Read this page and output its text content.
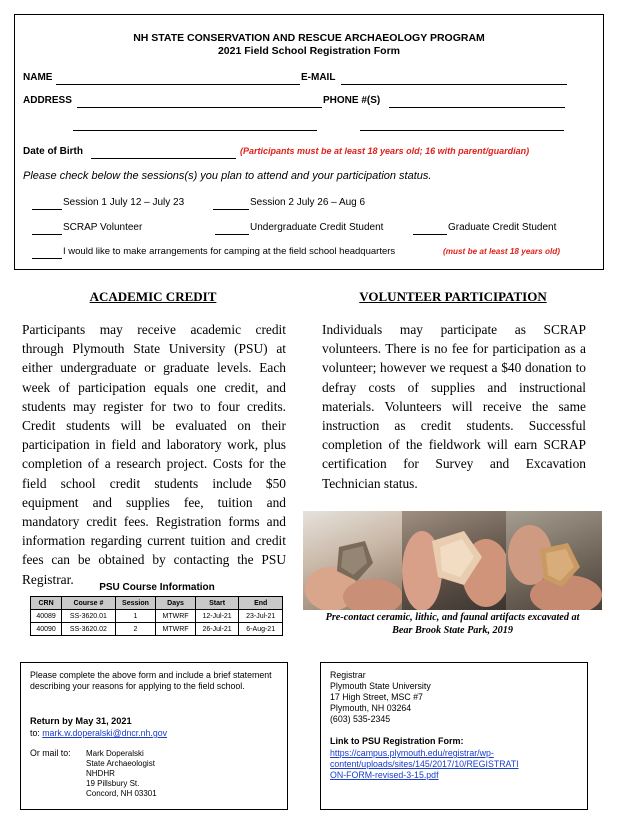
NH STATE CONSERVATION AND RESCUE ARCHAEOLOGY PROGRAM
2021 Field School Registration Form
NAME	E-MAIL
ADDRESS	PHONE #(S)
Date of Birth	(Participants must be at least 18 years old; 16 with parent/guardian)
Please check below the sessions(s) you plan to attend and your participation status.
Session 1 July 12 – July 23	Session 2 July 26 – Aug 6
SCRAP Volunteer	Undergraduate Credit Student	Graduate Credit Student
I would like to make arrangements for camping at the field school headquarters	(must be at least 18 years old)
ACADEMIC CREDIT
Participants may receive academic credit through Plymouth State University (PSU) at either undergraduate or graduate levels. Each week of participation equals one credit, and students may register for two to four credits. Credit students will be evaluated on their participation in field and laboratory work, plus completion of a research project. Costs for the field school credit students include $50 equipment and supplies fee, tuition and mandatory credit fees. Registration forms and information regarding current tuition and credit fees can be obtained by contacting the PSU Registrar.
VOLUNTEER PARTICIPATION
Individuals may participate as SCRAP volunteers. There is no fee for participation as a volunteer; however we request a $40 donation to defray costs of supplies and instructional materials. Volunteers will receive the same instruction as credit students. Successful completion of the fieldwork will earn SCRAP certification for Survey and Excavation Technician status.
PSU Course Information
CRN	Course #	Session	Days	Start	End
40089	SS-3620.01	1	MTWRF	12-Jul-21	23-Jul-21
40090	SS-3620.02	2	MTWRF	26-Jul-21	6-Aug-21
Pre-contact ceramic, lithic, and faunal artifacts excavated at
Bear Brook State Park, 2019
Please complete the above form and include a brief statement describing your reasons for applying to the field school.
Return by May 31, 2021
to: mark.w.doperalski@dncr.nh.gov
Or mail to: Mark Doperalski
State Archaeologist
NHDHR
19 Pillsbury St.
Concord, NH 03301
Registrar
Plymouth State University
17 High Street, MSC #7
Plymouth, NH 03264
(603) 535-2345
Link to PSU Registration Form:
https://campus.plymouth.edu/registrar/wp-
content/uploads/sites/145/2017/10/REGISTRATI
ON-FORM-revised-3-15.pdf
